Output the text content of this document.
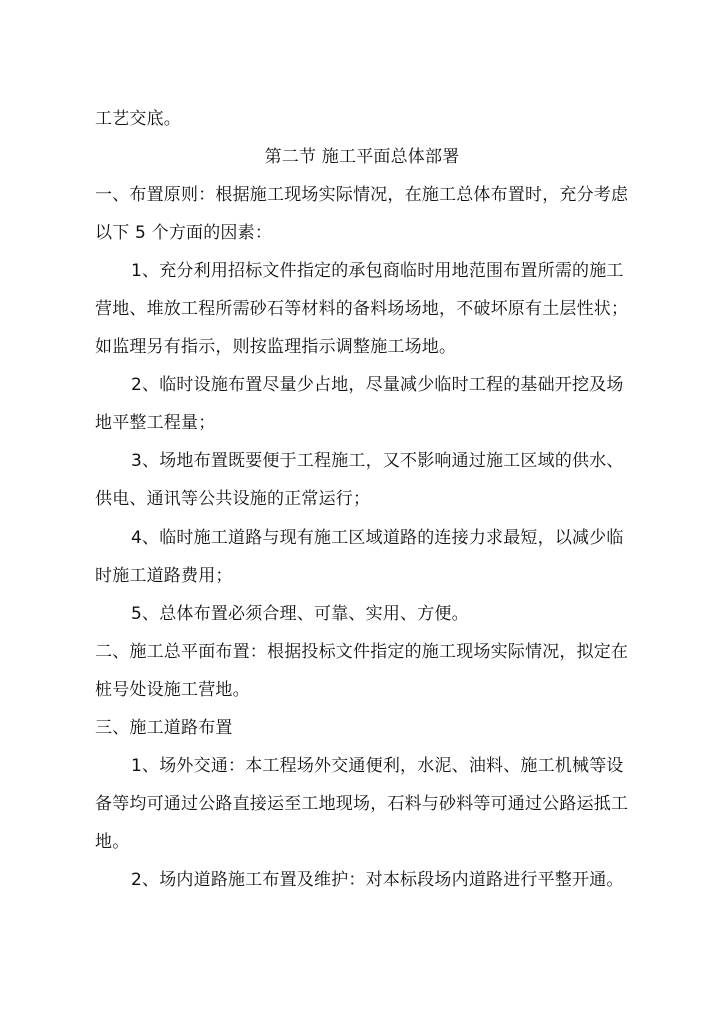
工艺交底。
第二节 施工平面总体部署
一、布置原则：根据施工现场实际情况，在施工总体布置时，充分考虑
以下 5 个方面的因素：
1、充分利用招标文件指定的承包商临时用地范围布置所需的施工
营地、堆放工程所需砂石等材料的备料场场地，不破坏原有土层性状；
如监理另有指示，则按监理指示调整施工场地。
2、临时设施布置尽量少占地，尽量减少临时工程的基础开挖及场
地平整工程量；
3、场地布置既要便于工程施工，又不影响通过施工区域的供水、
供电、通讯等公共设施的正常运行；
4、临时施工道路与现有施工区域道路的连接力求最短，以减少临
时施工道路费用；
5、总体布置必须合理、可靠、实用、方便。
二、施工总平面布置：根据投标文件指定的施工现场实际情况，拟定在
桩号处设施工营地。
三、施工道路布置
1、场外交通：本工程场外交通便利，水泥、油料、施工机械等设
备等均可通过公路直接运至工地现场，石料与砂料等可通过公路运抵工
地。
2、场内道路施工布置及维护：对本标段场内道路进行平整开通。
